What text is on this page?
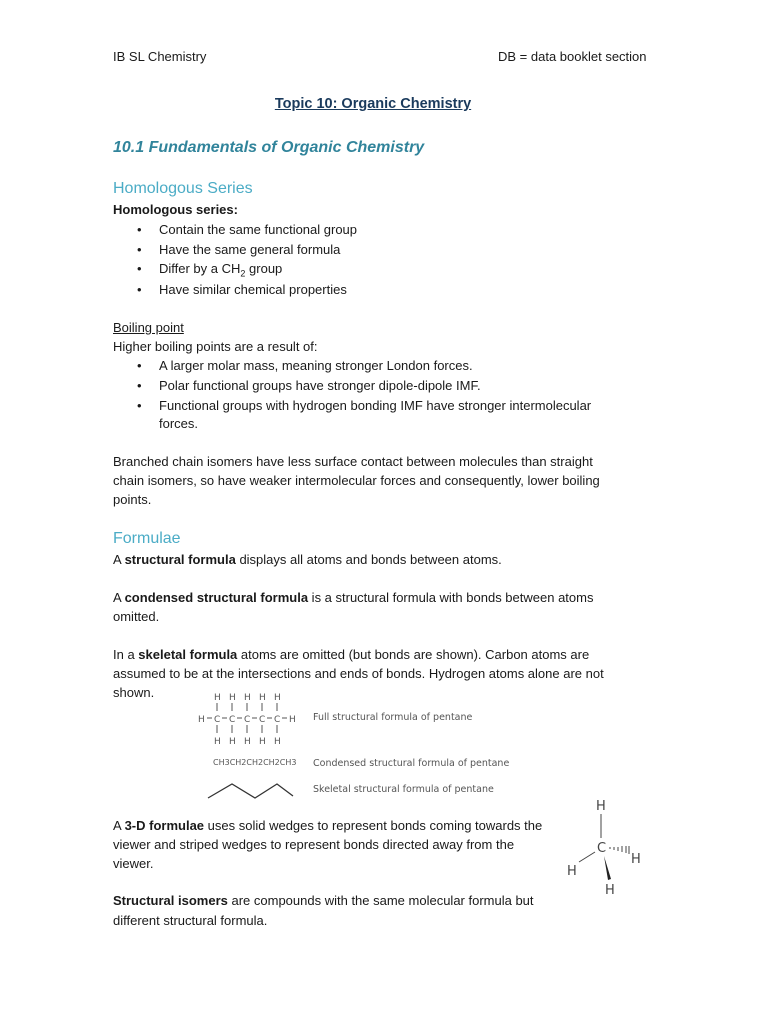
IB SL Chemistry	DB = data booklet section
Topic 10: Organic Chemistry
10.1 Fundamentals of Organic Chemistry
Homologous Series
Homologous series:
• Contain the same functional group
• Have the same general formula
• Differ by a $CH_2$ group
• Have similar chemical properties
Boiling point
Higher boiling points are a result of:
• A larger molar mass, meaning stronger London forces.
• Polar functional groups have stronger dipole-dipole IMF.
• Functional groups with hydrogen bonding IMF have stronger intermolecular
forces.
Branched chain isomers have less surface contact between molecules than straight
chain isomers, so have weaker intermolecular forces and consequently, lower boiling
points.
Formulae
A structural formula displays all atoms and bonds between atoms.
A condensed structural formula is a structural formula with bonds between atoms
omitted.
In a skeletal formula atoms are omitted (but bonds are shown). Carbon atoms are
assumed to be at the intersections and ends of bonds. Hydrogen atoms alone are not
shown.
H
H
C
H
H
C
H
H
C
H
H
C
H
H
C
H
H Full structural formula of pentane
CH3CH2CH2CH2CH3 Condensed structural formula of pentane
Skeletal structural formula of pentane
A 3-D formulae uses solid wedges to represent bonds coming towards the
viewer and striped wedges to represent bonds directed away from the
viewer.
H
C
H
H
H
Structural isomers are compounds with the same molecular formula but
different structural formula.
